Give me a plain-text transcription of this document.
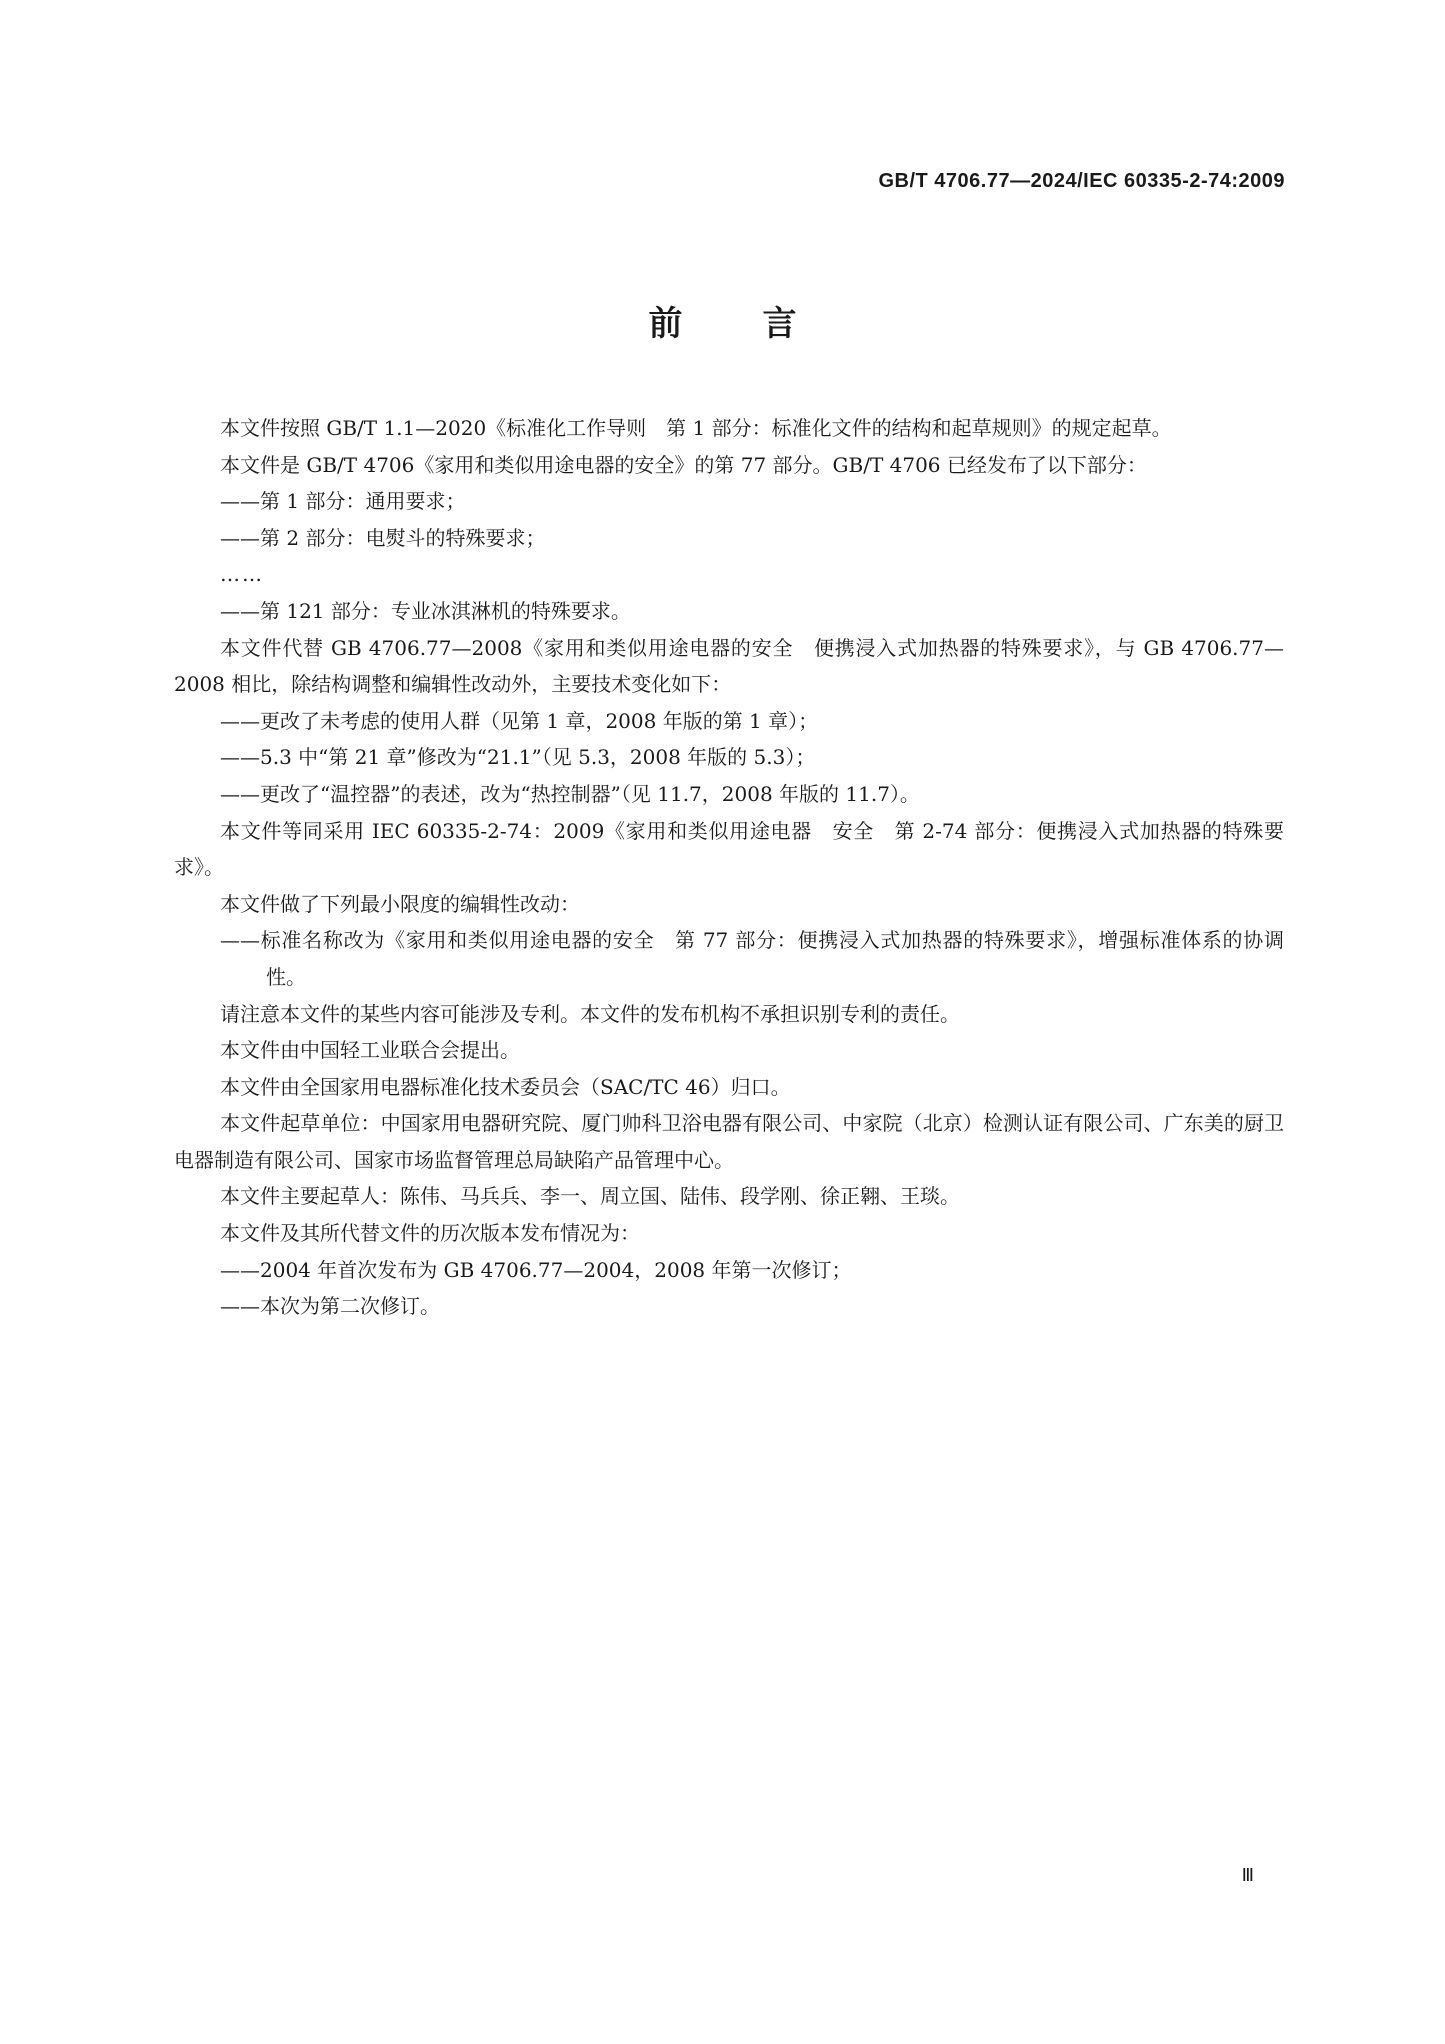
GB/T 4706.77—2024/IEC 60335-2-74:2009
前言

本文件按照 GB/T 1.1—2020《标准化工作导则　第 1 部分：标准化文件的结构和起草规则》的规定起草。

本文件是 GB/T 4706《家用和类似用途电器的安全》的第 77 部分。GB/T 4706 已经发布了以下部分：

——第 1 部分：通用要求；

——第 2 部分：电熨斗的特殊要求；

……

——第 121 部分：专业冰淇淋机的特殊要求。

本文件代替 GB 4706.77—2008《家用和类似用途电器的安全　便携浸入式加热器的特殊要求》，与 GB 4706.77—2008 相比，除结构调整和编辑性改动外，主要技术变化如下：

——更改了未考虑的使用人群（见第 1 章，2008 年版的第 1 章）；

——5.3 中“第 21 章”修改为“21.1”（见 5.3，2008 年版的 5.3）；

——更改了“温控器”的表述，改为“热控制器”（见 11.7，2008 年版的 11.7）。

本文件等同采用 IEC 60335-2-74：2009《家用和类似用途电器　安全　第 2-74 部分：便携浸入式加热器的特殊要求》。

本文件做了下列最小限度的编辑性改动：

——标准名称改为《家用和类似用途电器的安全　第 77 部分：便携浸入式加热器的特殊要求》，增强标准体系的协调性。

请注意本文件的某些内容可能涉及专利。本文件的发布机构不承担识别专利的责任。

本文件由中国轻工业联合会提出。

本文件由全国家用电器标准化技术委员会（SAC/TC 46）归口。

本文件起草单位：中国家用电器研究院、厦门帅科卫浴电器有限公司、中家院（北京）检测认证有限公司、广东美的厨卫电器制造有限公司、国家市场监督管理总局缺陷产品管理中心。

本文件主要起草人：陈伟、马兵兵、李一、周立国、陆伟、段学刚、徐正翱、王琰。

本文件及其所代替文件的历次版本发布情况为：

——2004 年首次发布为 GB 4706.77—2004，2008 年第一次修订；

——本次为第二次修订。

Ⅲ
